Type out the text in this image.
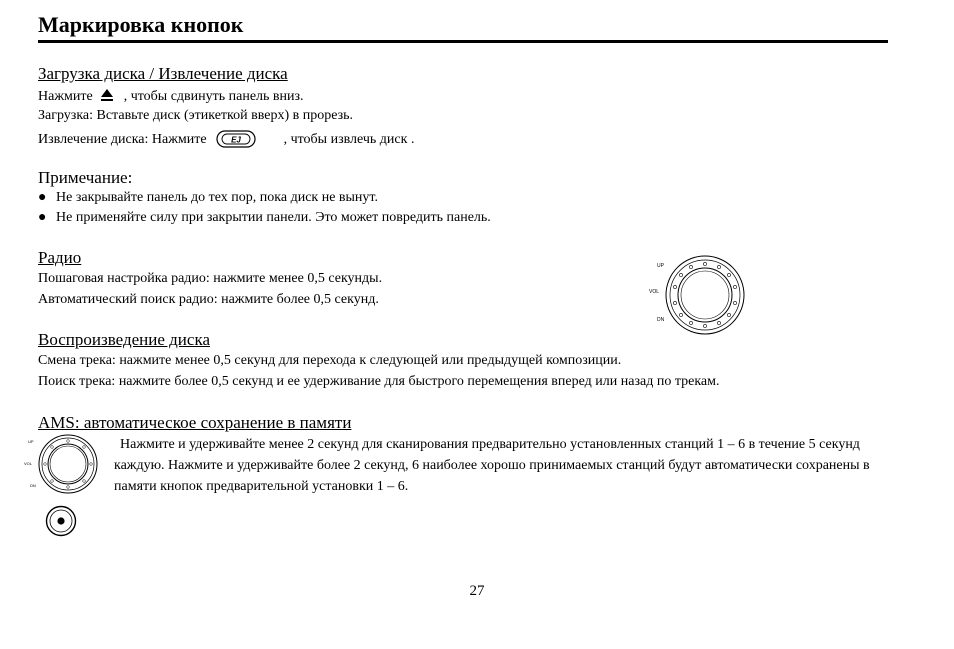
Маркировка кнопок
Загрузка диска / Извлечение диска
Нажмите , чтобы сдвинуть панель вниз.
Загрузка: Вставьте диск (этикеткой вверх) в прорезь.
Извлечение диска: Нажмите	EJ	, чтобы извлечь диск .
Примечание:
● Не закрывайте панель до тех пор, пока диск не вынут.
● Не применяйте силу при закрытии панели. Это может повредить панель.
Радио
Пошаговая настройка радио: нажмите менее 0,5 секунды.
Автоматический поиск радио: нажмите более 0,5 секунд.
UP
VOL
DN
Воспроизведение диска
Смена трека: нажмите менее 0,5 секунд для перехода к следующей или предыдущей композиции.
Поиск трека: нажмите более 0,5 секунд и ее удерживание для быстрого перемещения вперед или назад по трекам.
AMS: автоматическое сохранение в памяти
UP
VOL
DN
Нажмите и удерживайте менее 2 секунд для сканирования предварительно установленных станций 1 – 6 в течение 5 секунд каждую. Нажмите и удерживайте более 2 секунд, 6 наиболее хорошо принимаемых станций будут автоматически сохранены в памяти кнопок предварительной установки 1 – 6.
27
